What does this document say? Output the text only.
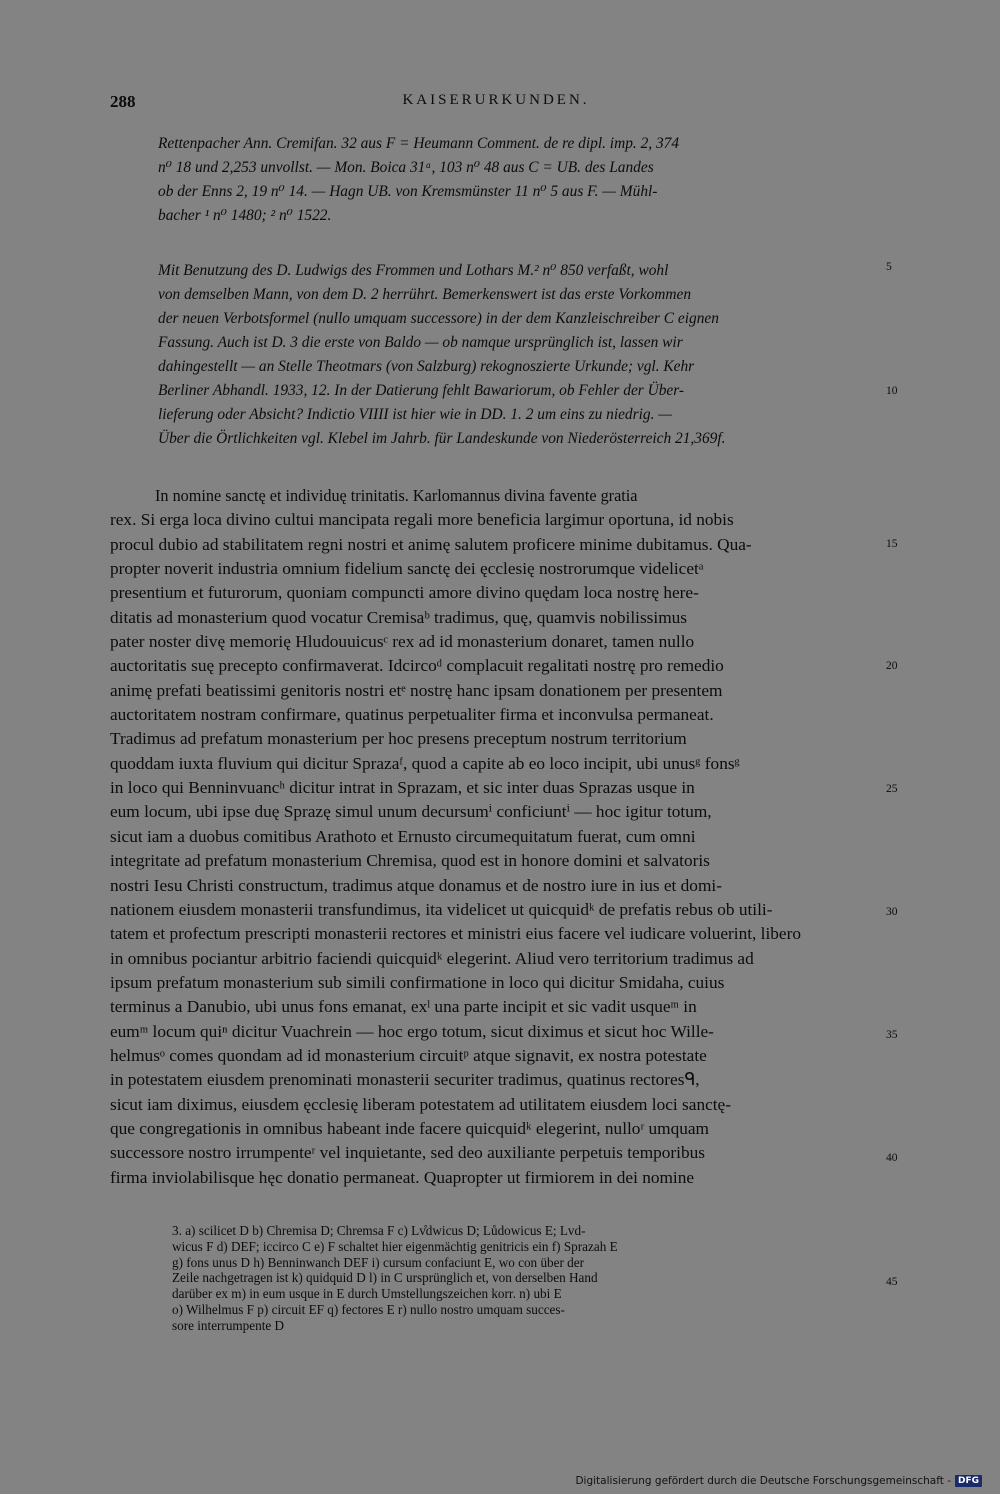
288	KAISERURKUNDEN.
Rettenpacher Ann. Cremifan. 32 aus F = Heumann Comment. de re dipl. imp. 2, 374
n⁰ 18 und 2,253 unvollst. — Mon. Boica 31ᵃ, 103 n⁰ 48 aus C = UB. des Landes
ob der Enns 2, 19 n⁰ 14. — Hagn UB. von Kremsmünster 11 n⁰ 5 aus F. — Mühl-
bacher ¹ n⁰ 1480; ² n⁰ 1522.
Mit Benutzung des D. Ludwigs des Frommen und Lothars M.² n⁰ 850 verfaßt, wohl
von demselben Mann, von dem D. 2 herrührt. Bemerkenswert ist das erste Vorkommen
der neuen Verbotsformel (nullo umquam successore) in der dem Kanzleischreiber C eignen
Fassung. Auch ist D. 3 die erste von Baldo — ob namque ursprünglich ist, lassen wir
dahingestellt — an Stelle Theotmars (von Salzburg) rekognoszierte Urkunde; vgl. Kehr
Berliner Abhandl. 1933, 12. In der Datierung fehlt Bawariorum, ob Fehler der Über-
lieferung oder Absicht? Indictio VIIII ist hier wie in DD. 1. 2 um eins zu niedrig. —
Über die Örtlichkeiten vgl. Klebel im Jahrb. für Landeskunde von Niederösterreich 21,369f.
In nomine sanctę et individuę trinitatis. Karlomannus divina favente gratia
rex. Si erga loca divino cultui mancipata regali more beneficia largimur oportuna, id nobis
procul dubio ad stabilitatem regni nostri et animę salutem proficere minime dubitamus. Qua-
propter noverit industria omnium fidelium sanctę dei ęcclesię nostrorumque videlicetᵃ
presentium et futurorum, quoniam compuncti amore divino quędam loca nostrę here-
ditatis ad monasterium quod vocatur Cremisaᵇ tradimus, quę, quamvis nobilissimus
pater noster divę memorię Hludouuicusᶜ rex ad id monasterium donaret, tamen nullo
auctoritatis suę precepto confirmaverat. Idcircoᵈ complacuit regalitati nostrę pro remedio
animę prefati beatissimi genitoris nostri etᵉ nostrę hanc ipsam donationem per presentem
auctoritatem nostram confirmare, quatinus perpetualiter firma et inconvulsa permaneat.
Tradimus ad prefatum monasterium per hoc presens preceptum nostrum territorium
quoddam iuxta fluvium qui dicitur Sprazaᶠ, quod a capite ab eo loco incipit, ubi unusᵍ fonsᵍ
in loco qui Benninvuancʰ dicitur intrat in Sprazam, et sic inter duas Sprazas usque in
eum locum, ubi ipse duę Sprazę simul unum decursumⁱ conficiuntⁱ — hoc igitur totum,
sicut iam a duobus comitibus Arathoto et Ernusto circumequitatum fuerat, cum omni
integritate ad prefatum monasterium Chremisa, quod est in honore domini et salvatoris
nostri Iesu Christi constructum, tradimus atque donamus et de nostro iure in ius et domi-
nationem eiusdem monasterii transfundimus, ita videlicet ut quicquidᵏ de prefatis rebus ob utili-
tatem et profectum prescripti monasterii rectores et ministri eius facere vel iudicare voluerint, libero
in omnibus pociantur arbitrio faciendi quicquidᵏ elegerint. Aliud vero territorium tradimus ad
ipsum prefatum monasterium sub simili confirmatione in loco qui dicitur Smidaha, cuius
terminus a Danubio, ubi unus fons emanat, exˡ una parte incipit et sic vadit usqueᵐ in
eumᵐ locum quiⁿ dicitur Vuachrein — hoc ergo totum, sicut diximus et sicut hoc Wille-
helmusᵒ comes quondam ad id monasterium circuitᵖ atque signavit, ex nostra potestate
in potestatem eiusdem prenominati monasterii securiter tradimus, quatinus rectoresᑫ,
sicut iam diximus, eiusdem ęcclesię liberam potestatem ad utilitatem eiusdem loci sanctę-
que congregationis in omnibus habeant inde facere quicquidᵏ elegerint, nulloʳ umquam
successore nostro irrumpenteʳ vel inquietante, sed deo auxiliante perpetuis temporibus
firma inviolabilisque hęc donatio permaneat. Quapropter ut firmiorem in dei nomine
5
10
15
20
25
30
35
40
45
3. a) scilicet D b) Chremisa D; Chremsa F c) Lv̊dwicus D; Lůdowicus E; Lvd-
wicus F d) DEF; iccirco C e) F schaltet hier eigenmächtig genitricis ein f) Sprazah E
g) fons unus D h) Benninwanch DEF i) cursum confaciunt E, wo con über der
Zeile nachgetragen ist k) quidquid D l) in C ursprünglich et, von derselben Hand
darüber ex m) in eum usque in E durch Umstellungszeichen korr. n) ubi E
o) Wilhelmus F p) circuit EF q) fectores E r) nullo nostro umquam succes-
sore interrumpente D
Digitalisierung gefördert durch die Deutsche Forschungsgemeinschaft - DFG
